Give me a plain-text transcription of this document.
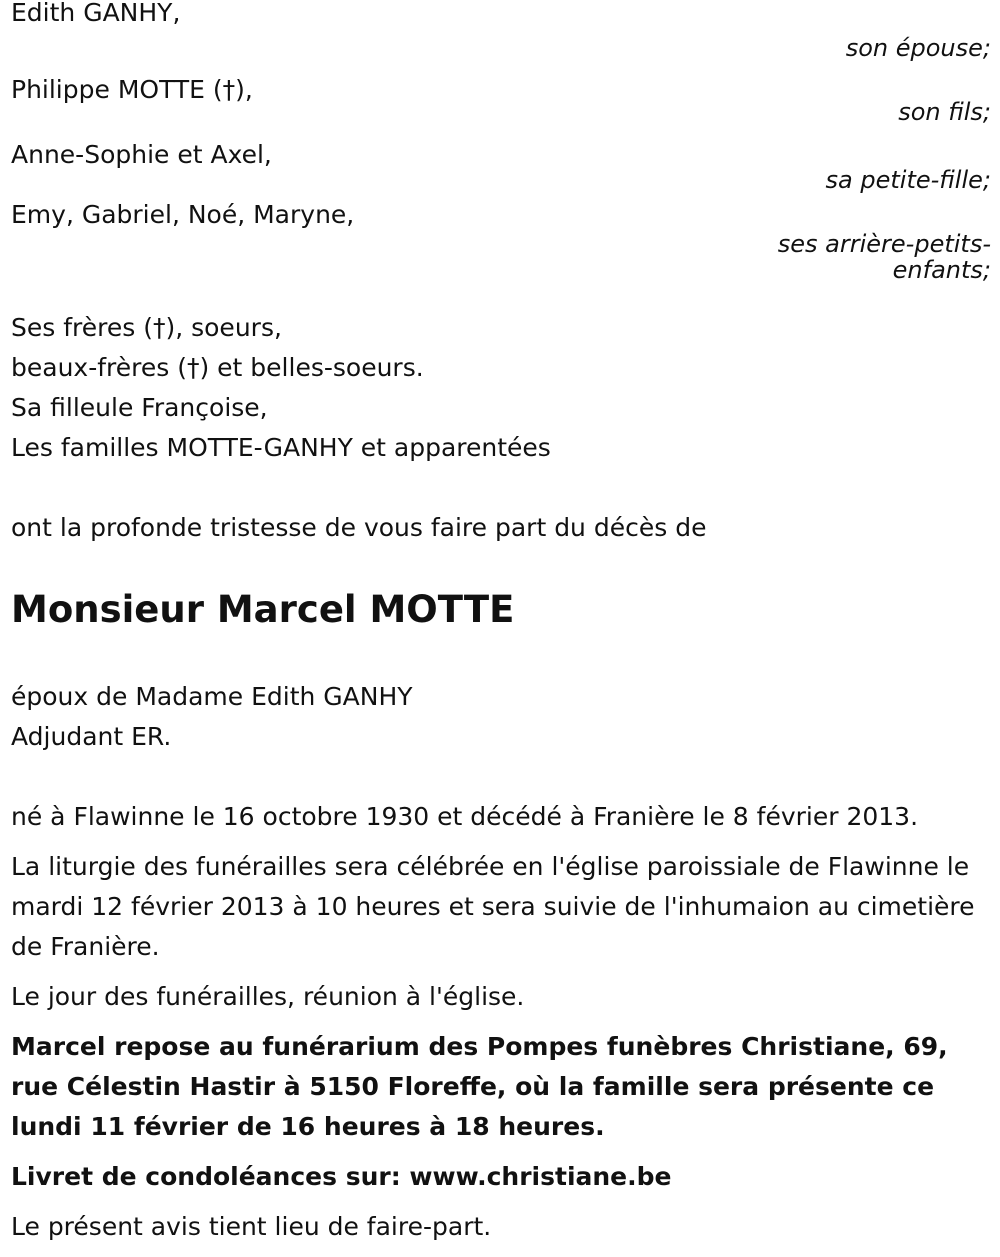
Edith GANHY,
son épouse;
Philippe MOTTE (†),
son fils;
Anne-Sophie et Axel,
sa petite-fille;
Emy, Gabriel, Noé, Maryne,
ses arrière-petits-
enfants;
Ses frères (†), soeurs,
beaux-frères (†) et belles-soeurs.
Sa filleule Françoise,
Les familles MOTTE-GANHY et apparentées
ont la profonde tristesse de vous faire part du décès de
Monsieur Marcel MOTTE
époux de Madame Edith GANHY
Adjudant ER.
né à Flawinne le 16 octobre 1930 et décédé à Franière le 8 février 2013.
La liturgie des funérailles sera célébrée en l'église paroissiale de Flawinne le mardi 12 février 2013 à 10 heures et sera suivie de l'inhumaion au cimetière de Franière.
Le jour des funérailles, réunion à l'église.
Marcel repose au funérarium des Pompes funèbres Christiane, 69, rue Célestin Hastir à 5150 Floreffe, où la famille sera présente ce lundi 11 février de 16 heures à 18 heures.
Livret de condoléances sur: www.christiane.be
Le présent avis tient lieu de faire-part.
